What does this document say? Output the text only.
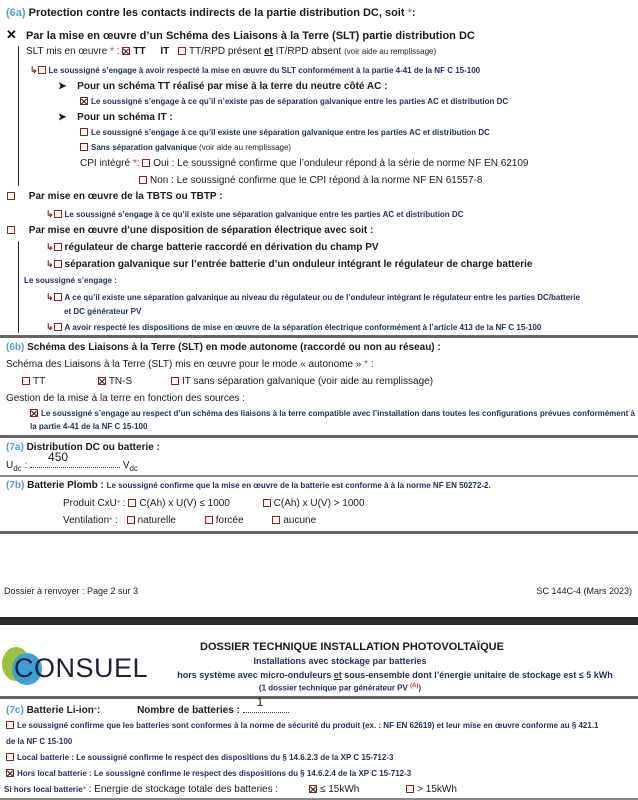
(6a) Protection contre les contacts indirects de la partie distribution DC, soit *:
✕ Par la mise en œuvre d’un Schéma des Liaisons à la Terre (SLT) partie distribution DC
SLT mis en œuvre * : TT IT TT/RPD présent et IT/RPD absent (voir aide au remplissage)
↳ Le soussigné s’engage à avoir respecté la mise en œuvre du SLT conformément à la partie 4-41 de la NF C 15-100
➤ Pour un schéma TT réalisé par mise à la terre du neutre côté AC :
Le soussigné s’engage à ce qu’il n’existe pas de séparation galvanique entre les parties AC et distribution DC
➤ Pour un schéma IT :
Le soussigné s’engage à ce qu’il existe une séparation galvanique entre les parties AC et distribution DC
Sans séparation galvanique (voir aide au remplissage)
CPI intégré *: Oui : Le soussigné confirme que l’onduleur répond à la série de norme NF EN 62109
Non : Le soussigné confirme que le CPI répond à la norme NF EN 61557-8
Par mise en œuvre de la TBTS ou TBTP :
↳ Le soussigné s’engage à ce qu’il existe une séparation galvanique entre les parties AC et distribution DC
Par mise en œuvre d’une disposition de séparation électrique avec soit :
↳ régulateur de charge batterie raccordé en dérivation du champ PV
↳ séparation galvanique sur l’entrée batterie d’un onduleur intégrant le régulateur de charge batterie
Le soussigné s’engage :
↳ A ce qu’il existe une séparation galvanique au niveau du régulateur ou de l’onduleur intégrant le régulateur entre les parties DC/batterie
et DC générateur PV
↳ A avoir respecté les dispositions de mise en œuvre de la séparation électrique conformément à l’article 413 de la NF C 15-100
(6b) Schéma des Liaisons à la Terre (SLT) en mode autonome (raccordé ou non au réseau) :
Schéma des Liaisons à la Terre (SLT) mis en œuvre pour le mode « autonome » * :
TT	TN-S	IT sans séparation galvanique (voir aide au remplissage)
Gestion de la mise à la terre en fonction des sources :
Le soussigné s’engage au respect d’un schéma des liaisons à la terre compatible avec l’installation dans toutes les configurations prévues conformément à
la partie 4-41 de la NF C 15-100
(7a) Distribution DC ou batterie :
$U_{dc}$ :
450
$V_{dc}$
(7b) Batterie Plomb : Le soussigné confirme que la mise en œuvre de la batterie est conforme à à la norme NF EN 50272-2.
Produit CxU* : C(Ah) x U(V) ≤ 1000	C(Ah) x U(V) > 1000
Ventilation* : naturelle	forcée	aucune
Dossier à renvoyer : Page 2 sur 3	SC 144C-4 (Mars 2023)
CONSUEL
DOSSIER TECHNIQUE INSTALLATION PHOTOVOLTAÏQUE
Installations avec stockage par batteries
hors système avec micro-onduleurs et sous-ensemble dont l’énergie unitaire de stockage est ≤ 5 kWh
(1 dossier technique par générateur PV $^{(A)}$)
(7c) Batterie Li-ion*:	Nombre de batteries :
1
Le soussigné confirme que les batteries sont conformes à la norme de sécurité du produit (ex. : NF EN 62619) et leur mise en œuvre conforme au § 421.1
de la NF C 15-100
Local batterie : Le soussigné confirme le respect des dispositions du § 14.6.2.3 de la XP C 15-712-3
Hors local batterie : Le soussigné confirme le respect des dispositions du § 14.6.2.4 de la XP C 15-712-3
Si hors local batterie* : Energie de stockage totale des batteries :	≤ 15kWh	> 15kWh
